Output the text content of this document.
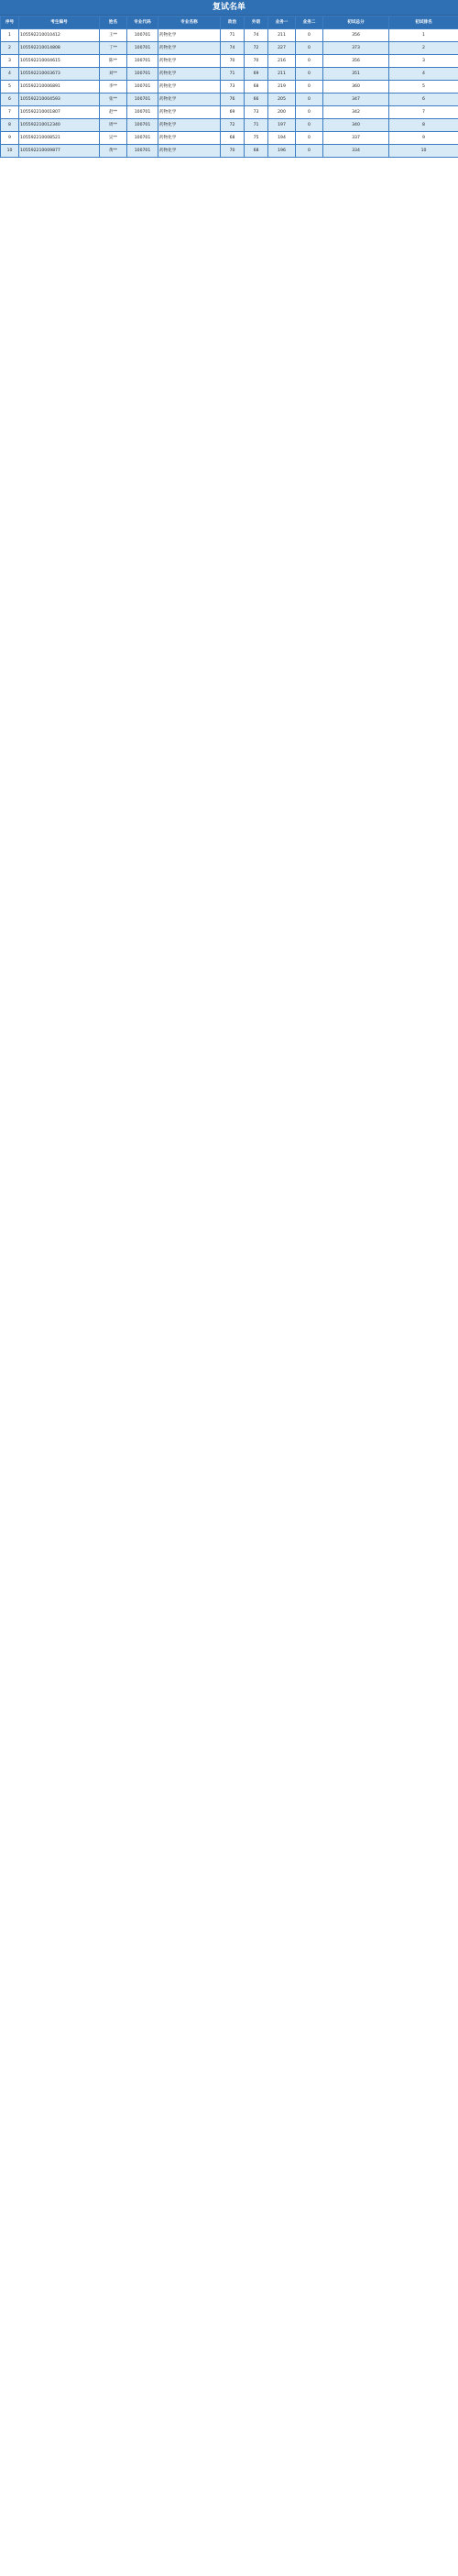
复试名单
序号	考生编号	姓名	专业代码	专业名称	政治	外语	业务一	业务二	初试总分	初试排名
1	105592210010412	王**	100701	药物化学	71	74	211	0	356	1
2	105592210014808	丁**	100701	药物化学	74	72	227	0	373	2
3	105592210004615	陈**	100701	药物化学	70	70	216	0	356	3
4	105592210003673	刘**	100701	药物化学	71	69	211	0	351	4
5	105592210006891	李**	100701	药物化学	73	68	219	0	360	5
6	105592210004593	张**	100701	药物化学	76	66	205	0	347	6
7	105592210001807	赵**	100701	药物化学	69	73	200	0	342	7
8	105592210012340	周**	100701	药物化学	72	71	197	0	340	8
9	105592210008521	吴**	100701	药物化学	68	75	194	0	337	9
10	105592210009877	黄**	100701	药物化学	70	68	196	0	334	10
